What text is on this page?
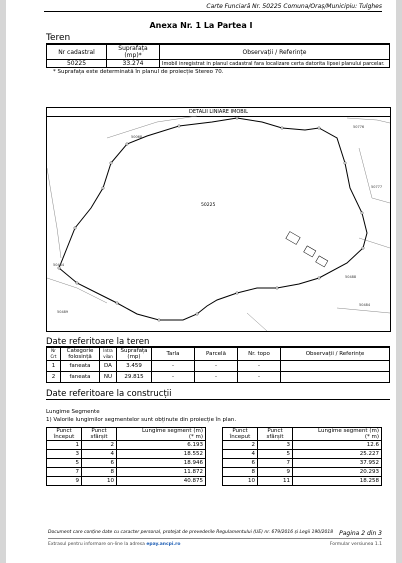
Carte Funciară Nr. 50225 Comuna/Oraș/Municipiu: Tulghes
Anexa Nr. 1 La Partea I
Teren
Nr cadastral	Suprafața (mp)*	Observații / Referințe
50225	33.274	Imobil inregistrat in planul cadastral fara localizare certa datorita lipsei planului parcelar.
* Suprafața este determinată în planul de proiecție Stereo 70.
DETALII LINIARE IMOBIL
50225
50068
50776
50777
50488
50484
50464
50489
Date referitoare la teren
Nr Crt	Categorie folosință	Intra vilan	Suprafața (mp)	Tarla	Parcelă	Nr. topo	Observații / Referințe
1	faneata	DA	3.459	-	-	-	
2	faneata	NU	29.815	-	-	-	
Date referitoare la construcții
Lungime Segmente
1) Valorile lungimilor segmentelor sunt obținute din proiecție în plan.
Punct început	Punct sfârșit	Lungime segment (m)
(* m)
1	2	6.193
3	4	18.552
5	6	18.946
7	8	11.872
9	10	40.875
Punct început	Punct sfârșit	Lungime segment (m)
(* m)
2	3	12.6
4	5	25.227
6	7	37.952
8	9	20.293
10	11	18.258
Document care conține date cu caracter personal, protejat de prevederile Regulamentului (UE) nr. 679/2016 și Legii 190/2018 Pagina 2 din 3
Extrasul pentru informare on-line la adresa epay.ancpi.ro	Formular versiunea 1.1
